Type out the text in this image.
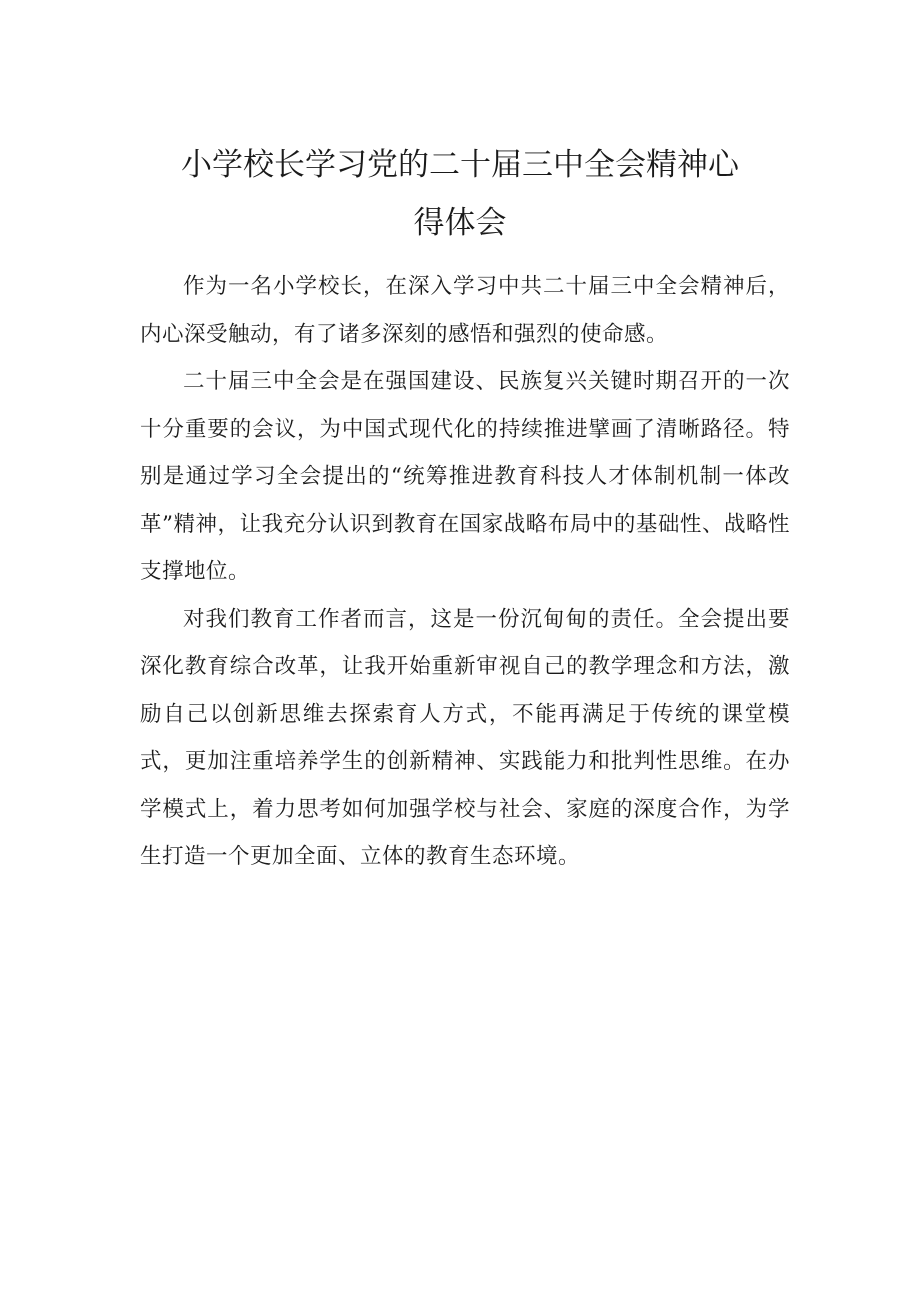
小学校长学习党的二十届三中全会精神心
得体会

作为一名小学校长，在深入学习中共二十届三中全会精神后，内心深受触动，有了诸多深刻的感悟和强烈的使命感。

二十届三中全会是在强国建设、民族复兴关键时期召开的一次十分重要的会议，为中国式现代化的持续推进擘画了清晰路径。特别是通过学习全会提出的“统筹推进教育科技人才体制机制一体改革”精神，让我充分认识到教育在国家战略布局中的基础性、战略性支撑地位。

对我们教育工作者而言，这是一份沉甸甸的责任。全会提出要深化教育综合改革，让我开始重新审视自己的教学理念和方法，激励自己以创新思维去探索育人方式，不能再满足于传统的课堂模式，更加注重培养学生的创新精神、实践能力和批判性思维。在办学模式上，着力思考如何加强学校与社会、家庭的深度合作，为学生打造一个更加全面、立体的教育生态环境。
